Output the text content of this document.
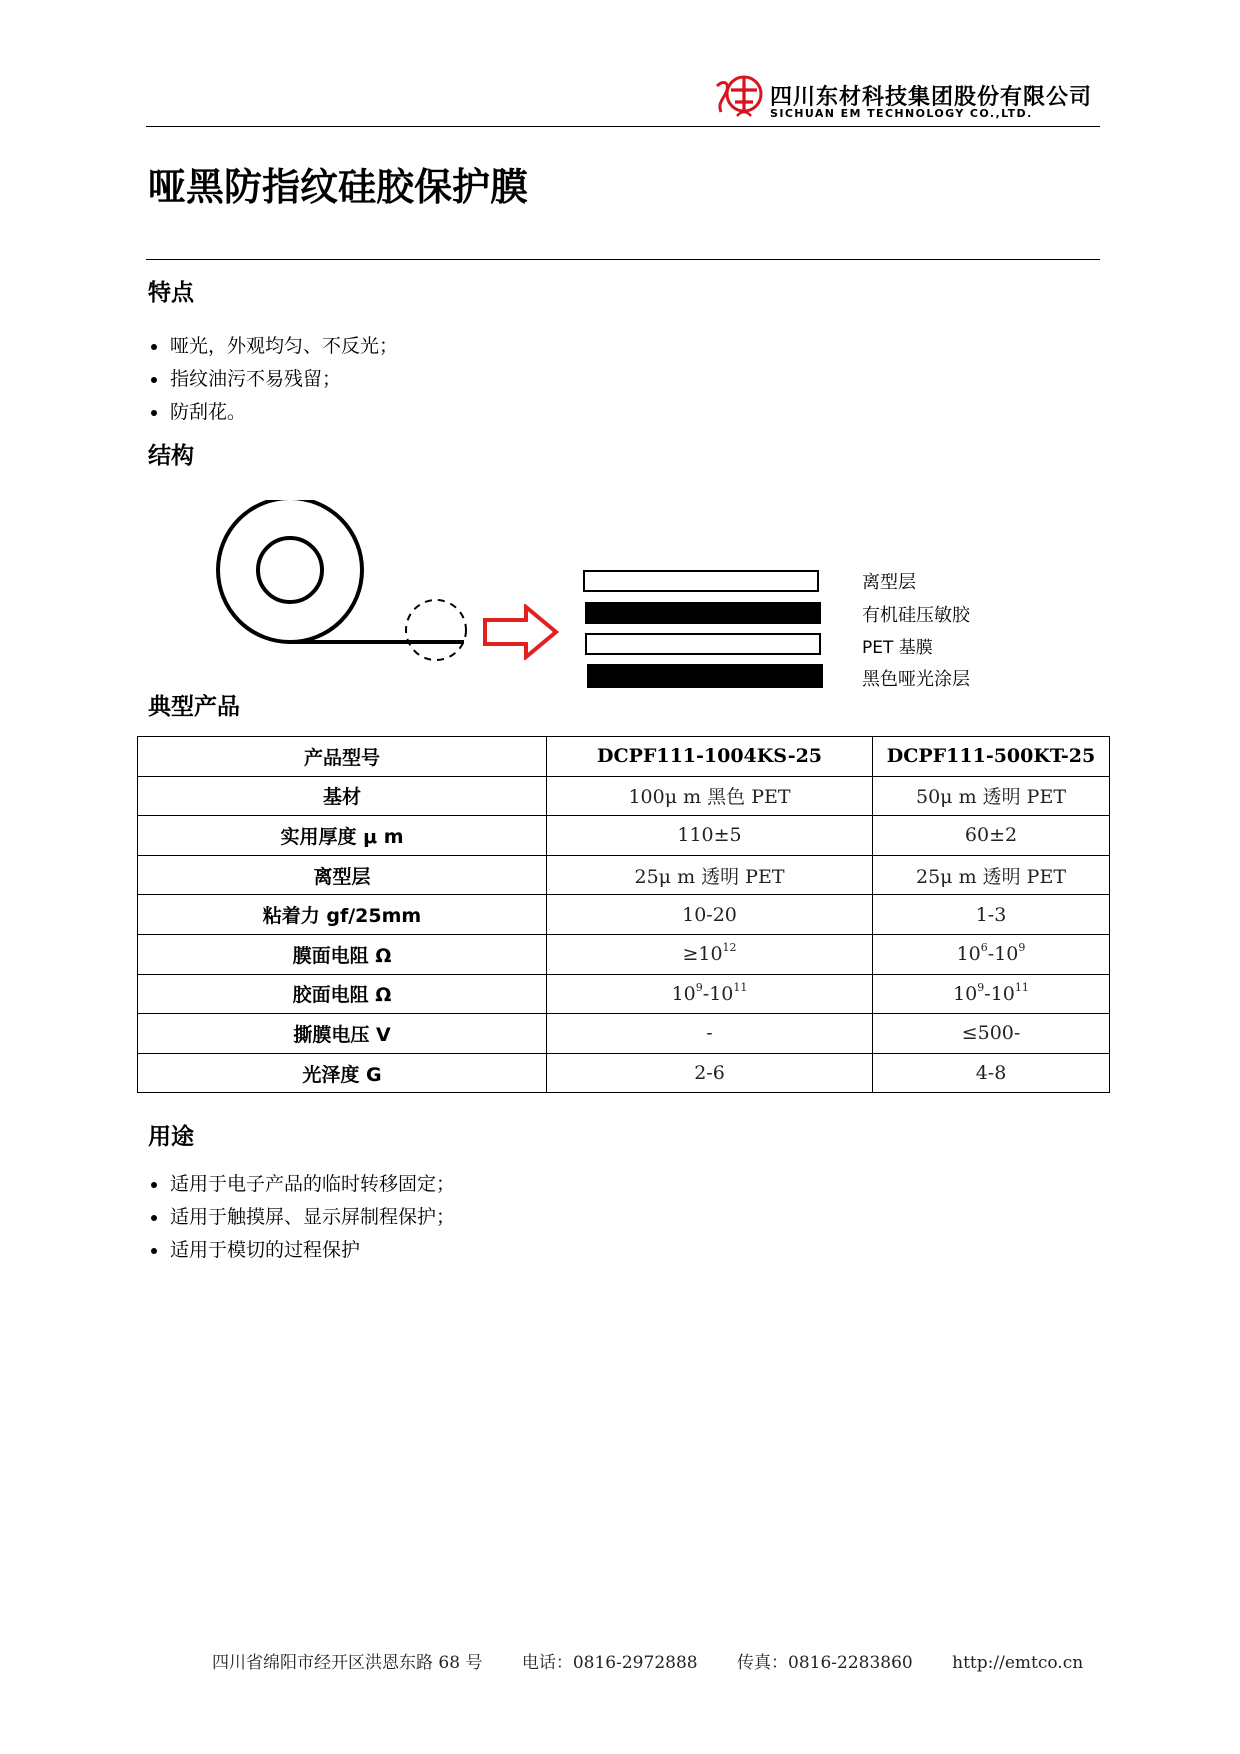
四川东材科技集团股份有限公司
SICHUAN EM TECHNOLOGY CO.,LTD.
哑黑防指纹硅胶保护膜
特点
哑光，外观均匀、不反光；
指纹油污不易残留；
防刮花。
结构
离型层
有机硅压敏胶
PET 基膜
黑色哑光涂层
典型产品
产品型号	DCPF111-1004KS-25	DCPF111-500KT-25
基材	100μ m 黑色 PET	50μ m 透明 PET
实用厚度 μ m	110±5	60±2
离型层	25μ m 透明 PET	25μ m 透明 PET
粘着力 gf/25mm	10-20	1-3
膜面电阻 Ω	$\ge 10^{12}$	$10^6-10^9$
胶面电阻 Ω	$10^9-10^{11}$	$10^9-10^{11}$
撕膜电压 V	-	≤500-
光泽度 G	2-6	4-8
用途
适用于电子产品的临时转移固定；
适用于触摸屏、显示屏制程保护；
适用于模切的过程保护
四川省绵阳市经开区洪恩东路 68 号 电话：0816-2972888 传真：0816-2283860 http://emtco.cn
